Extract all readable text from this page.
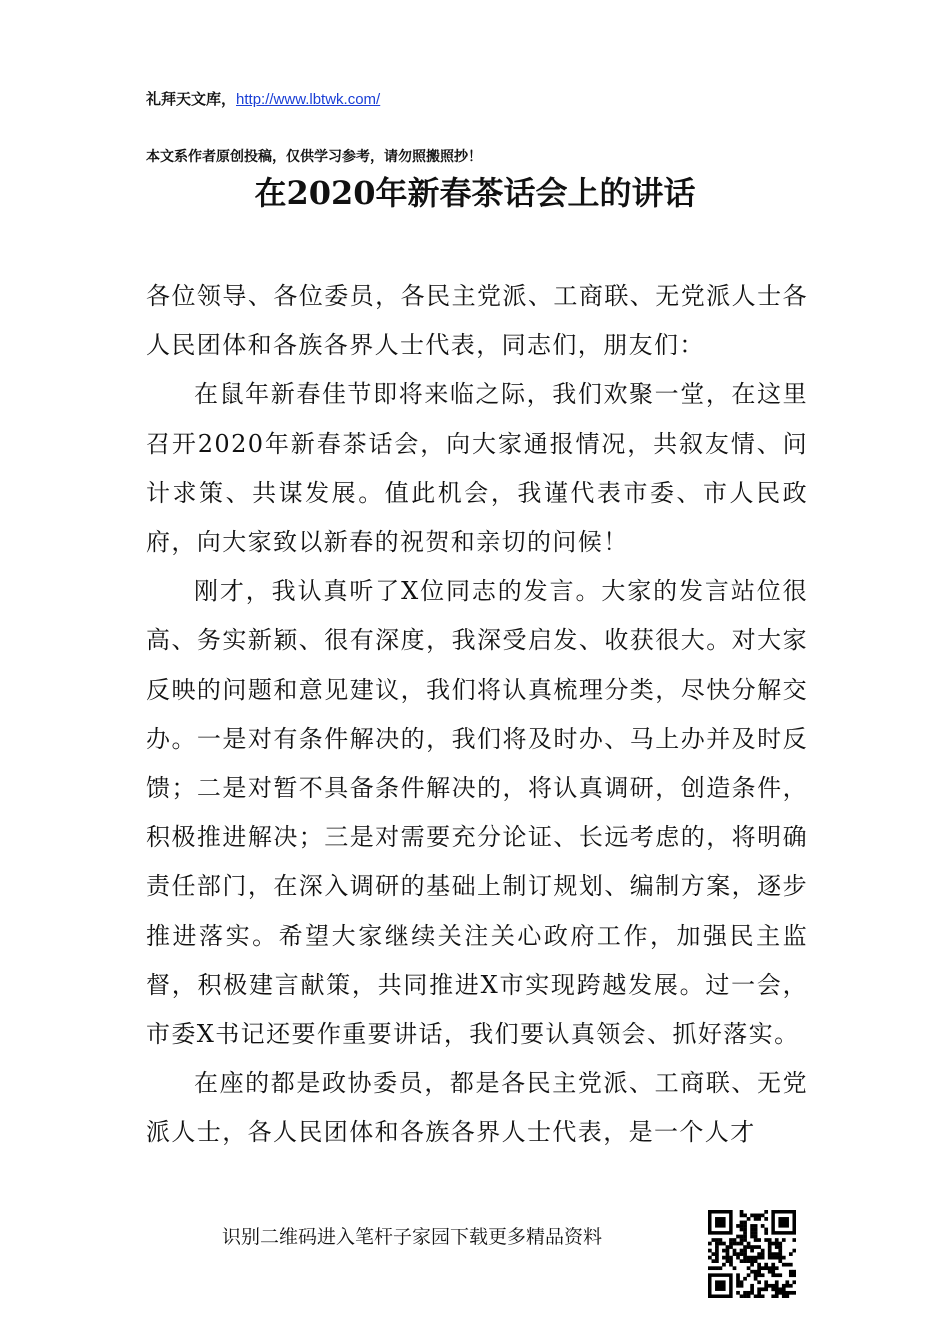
礼拜天文库，http://www.lbtwk.com/
本文系作者原创投稿，仅供学习参考，请勿照搬照抄！
在2020年新春茶话会上的讲话

各位领导、各位委员，各民主党派、工商联、无党派人士各人民团体和各族各界人士代表，同志们，朋友们：

在鼠年新春佳节即将来临之际，我们欢聚一堂，在这里召开2020年新春茶话会，向大家通报情况，共叙友情、问计求策、共谋发展。值此机会，我谨代表市委、市人民政府，向大家致以新春的祝贺和亲切的问候！

刚才，我认真听了X位同志的发言。大家的发言站位很高、务实新颖、很有深度，我深受启发、收获很大。对大家反映的问题和意见建议，我们将认真梳理分类，尽快分解交办。一是对有条件解决的，我们将及时办、马上办并及时反馈；二是对暂不具备条件解决的，将认真调研，创造条件，积极推进解决；三是对需要充分论证、长远考虑的，将明确责任部门，在深入调研的基础上制订规划、编制方案，逐步推进落实。希望大家继续关注关心政府工作，加强民主监督，积极建言献策，共同推进X市实现跨越发展。过一会，市委X书记还要作重要讲话，我们要认真领会、抓好落实。

在座的都是政协委员，都是各民主党派、工商联、无党派人士，各人民团体和各族各界人士代表，是一个人才

识别二维码进入笔杆子家园下载更多精品资料
